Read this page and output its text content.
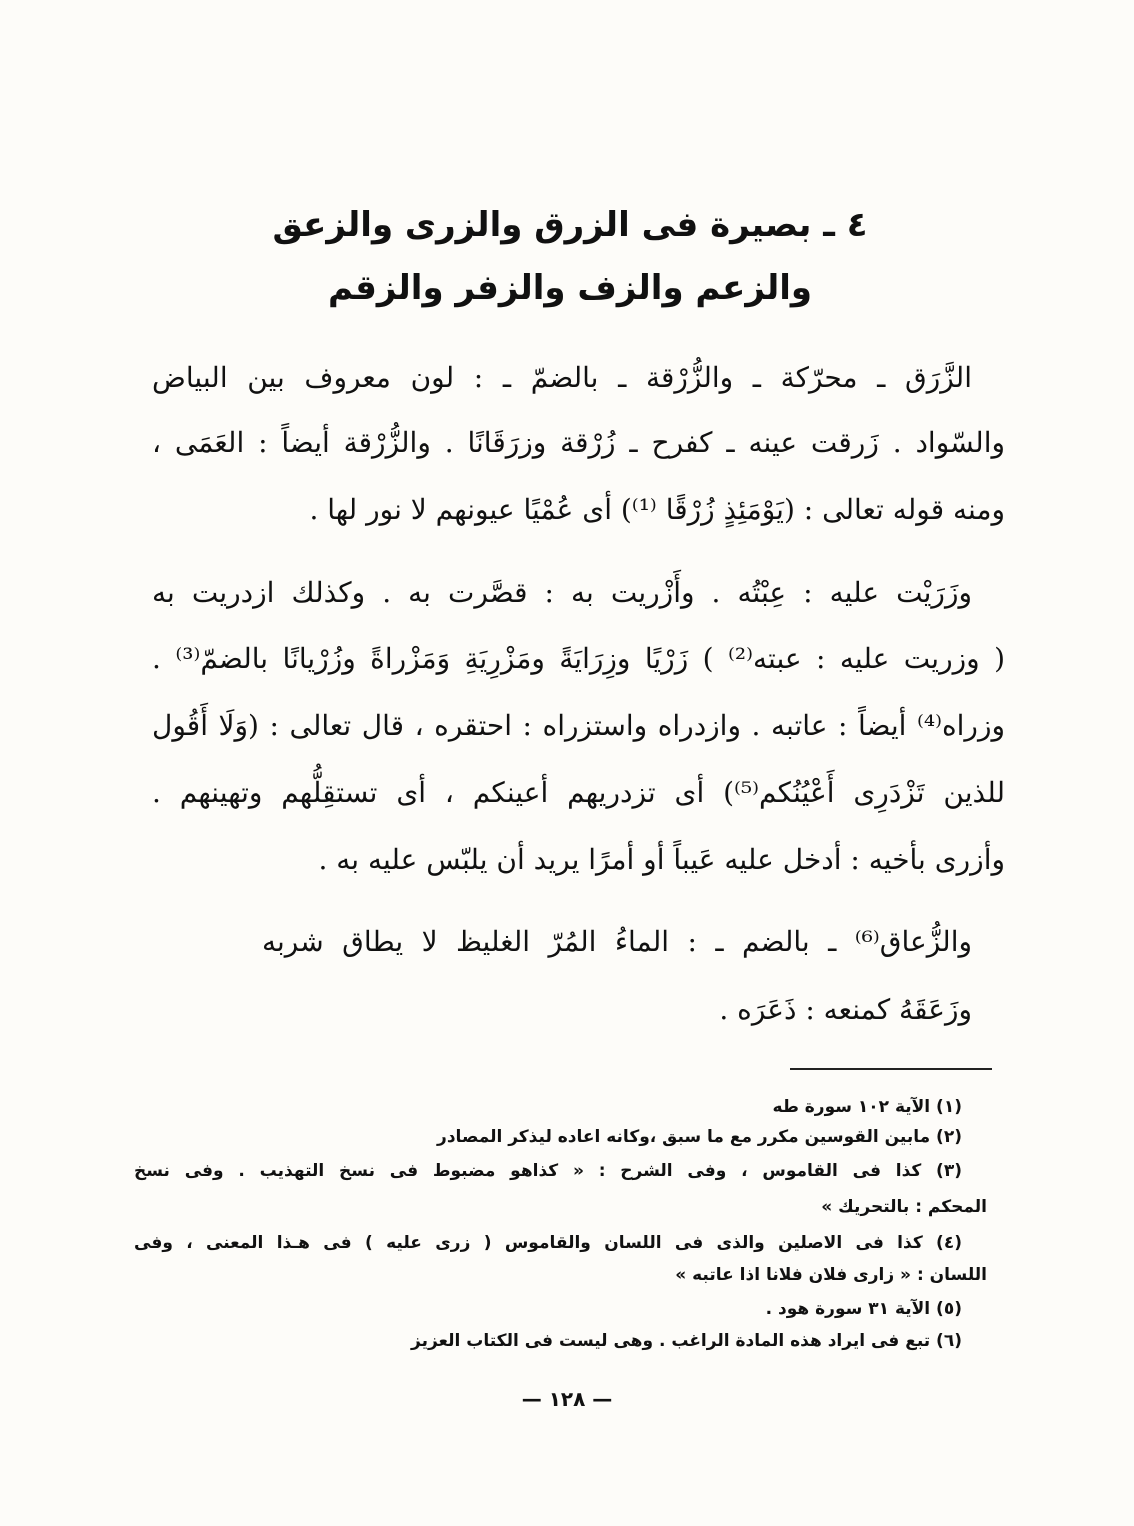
٤ ـ بصيرة فى الزرق والزرى والزعق
والزعم والزف والزفر والزقم
الزَّرَق ـ محرّكة ـ والزُّرْقة ـ بالضمّ ـ : لون معروف بين البياض
والسّواد . زَرقت عينه ـ كفرح ـ زُرْقة وزرَقَانًا . والزُّرْقة أيضاً : العَمَى ،
ومنه قوله تعالى : (يَوْمَئِذٍ زُرْقًا ⁽¹⁾) أى عُمْيًا عيونهم لا نور لها .
وزَرَيْت عليه : عِبْتُه . وأَزْريت به : قصَّرت به . وكذلك ازدريت به
( وزريت عليه : عبته⁽²⁾ ) زَرْيًا وزِرَايَةً ومَزْرِيَةِ وَمَزْراةً وزُرْيانًا بالضمّ⁽³⁾ .
وزراه⁽⁴⁾ أيضاً : عاتبه . وازدراه واستزراه : احتقره ، قال تعالى : (وَلَا أَقُول
للذين تَزْدَرِى أَعْيُنُكم⁽⁵⁾) أى تزدريهم أعينكم ، أى تستقِلُّهم وتهينهم .
وأزرى بأخيه : أدخل عليه عَيباً أو أمرًا يريد أن يلبّس عليه به .
والزُّعاق⁽⁶⁾ ـ بالضم ـ : الماءُ المُرّ الغليظ لا يطاق شربه
وزَعَقَهُ كمنعه : ذَعَرَه .
(١) الآية ١٠٢ سورة طه
(٢) مابين القوسين مكرر مع ما سبق ،وكانه اعاده ليذكر المصادر
(٣) كذا فى القاموس ، وفى الشرح : « كذاهو مضبوط فى نسخ التهذيب . وفى نسخ
المحكم : بالتحريك »
(٤) كذا فى الاصلين والذى فى اللسان والقاموس ( زرى عليه ) فى هـذا المعنى ، وفى
اللسان : « زارى فلان فلانا اذا عاتبه »
(٥) الآية ٣١ سورة هود .
(٦) تبع فى ايراد هذه المادة الراغب . وهى ليست فى الكتاب العزيز
— ١٢٨ —
